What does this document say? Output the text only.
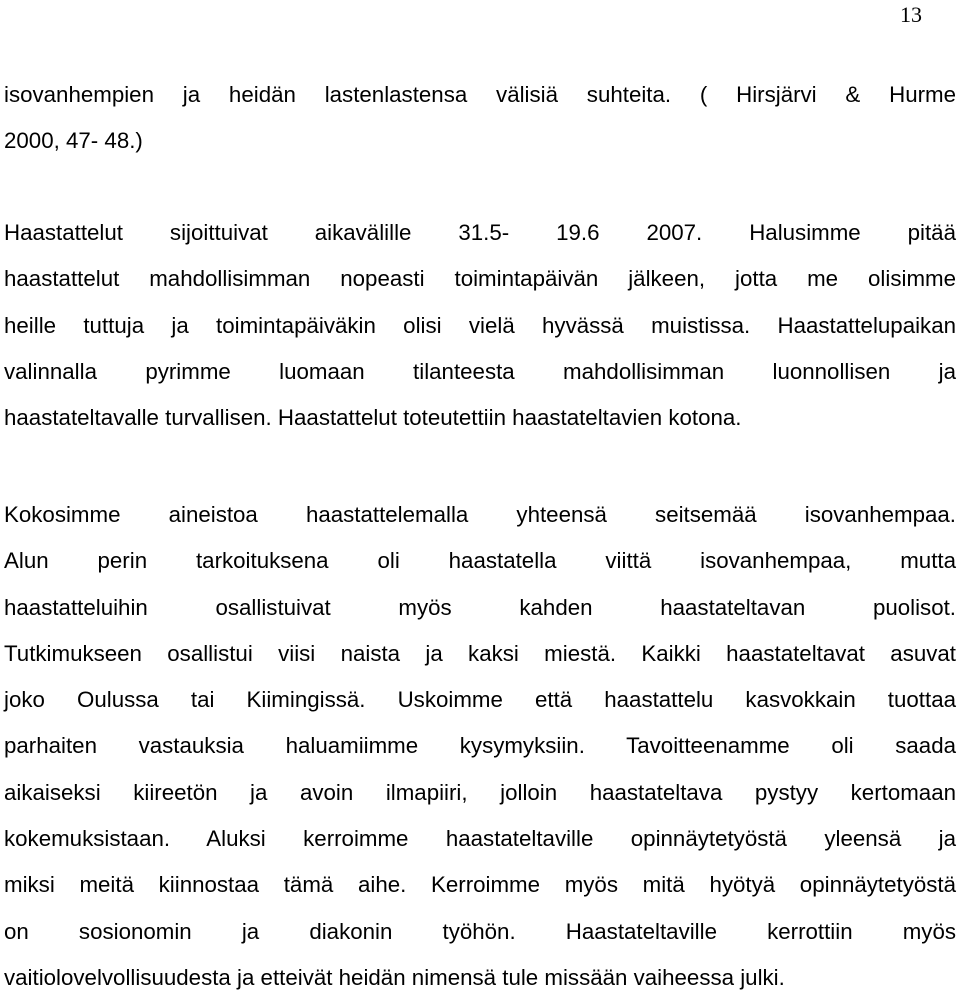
13
isovanhempien ja heidän lastenlastensa välisiä suhteita. ( Hirsjärvi & Hurme
2000, 47- 48.)
Haastattelut sijoittuivat aikavälille 31.5- 19.6 2007. Halusimme pitää
haastattelut mahdollisimman nopeasti toimintapäivän jälkeen, jotta me olisimme
heille tuttuja ja toimintapäiväkin olisi vielä hyvässä muistissa. Haastattelupaikan
valinnalla pyrimme luomaan tilanteesta mahdollisimman luonnollisen ja
haastateltavalle turvallisen. Haastattelut toteutettiin haastateltavien kotona.
Kokosimme aineistoa haastattelemalla yhteensä seitsemää isovanhempaa.
Alun perin tarkoituksena oli haastatella viittä isovanhempaa, mutta
haastatteluihin osallistuivat myös kahden haastateltavan puolisot.
Tutkimukseen osallistui viisi naista ja kaksi miestä. Kaikki haastateltavat asuvat
joko Oulussa tai Kiimingissä. Uskoimme että haastattelu kasvokkain tuottaa
parhaiten vastauksia haluamiimme kysymyksiin. Tavoitteenamme oli saada
aikaiseksi kiireetön ja avoin ilmapiiri, jolloin haastateltava pystyy kertomaan
kokemuksistaan. Aluksi kerroimme haastateltaville opinnäytetyöstä yleensä ja
miksi meitä kiinnostaa tämä aihe. Kerroimme myös mitä hyötyä opinnäytetyöstä
on sosionomin ja diakonin työhön. Haastateltaville kerrottiin myös
vaitiolovelvollisuudesta ja etteivät heidän nimensä tule missään vaiheessa julki.
